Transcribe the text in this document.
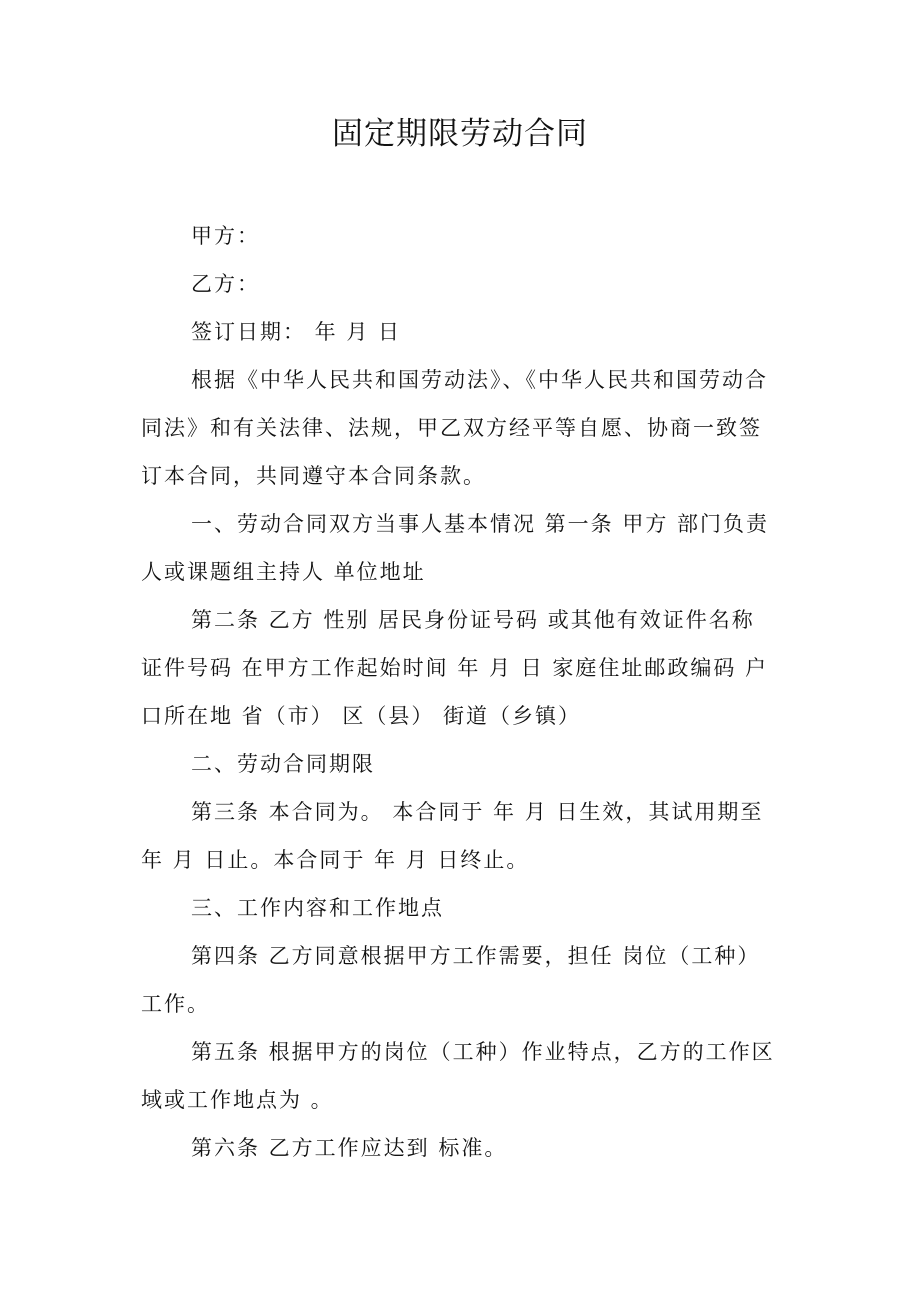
固定期限劳动合同

甲方：

乙方：

签订日期： 年 月 日

根据《中华人民共和国劳动法》、《中华人民共和国劳动合同法》和有关法律、法规，甲乙双方经平等自愿、协商一致签订本合同，共同遵守本合同条款。

一、劳动合同双方当事人基本情况 第一条 甲方 部门负责人或课题组主持人 单位地址

第二条 乙方 性别 居民身份证号码 或其他有效证件名称 证件号码 在甲方工作起始时间 年 月 日 家庭住址邮政编码 户口所在地 省（市） 区（县） 街道（乡镇）

二、劳动合同期限

第三条 本合同为。 本合同于 年 月 日生效，其试用期至 年 月 日止。本合同于 年 月 日终止。

三、工作内容和工作地点

第四条 乙方同意根据甲方工作需要，担任 岗位（工种）工作。

第五条 根据甲方的岗位（工种）作业特点，乙方的工作区域或工作地点为 。

第六条 乙方工作应达到 标准。
